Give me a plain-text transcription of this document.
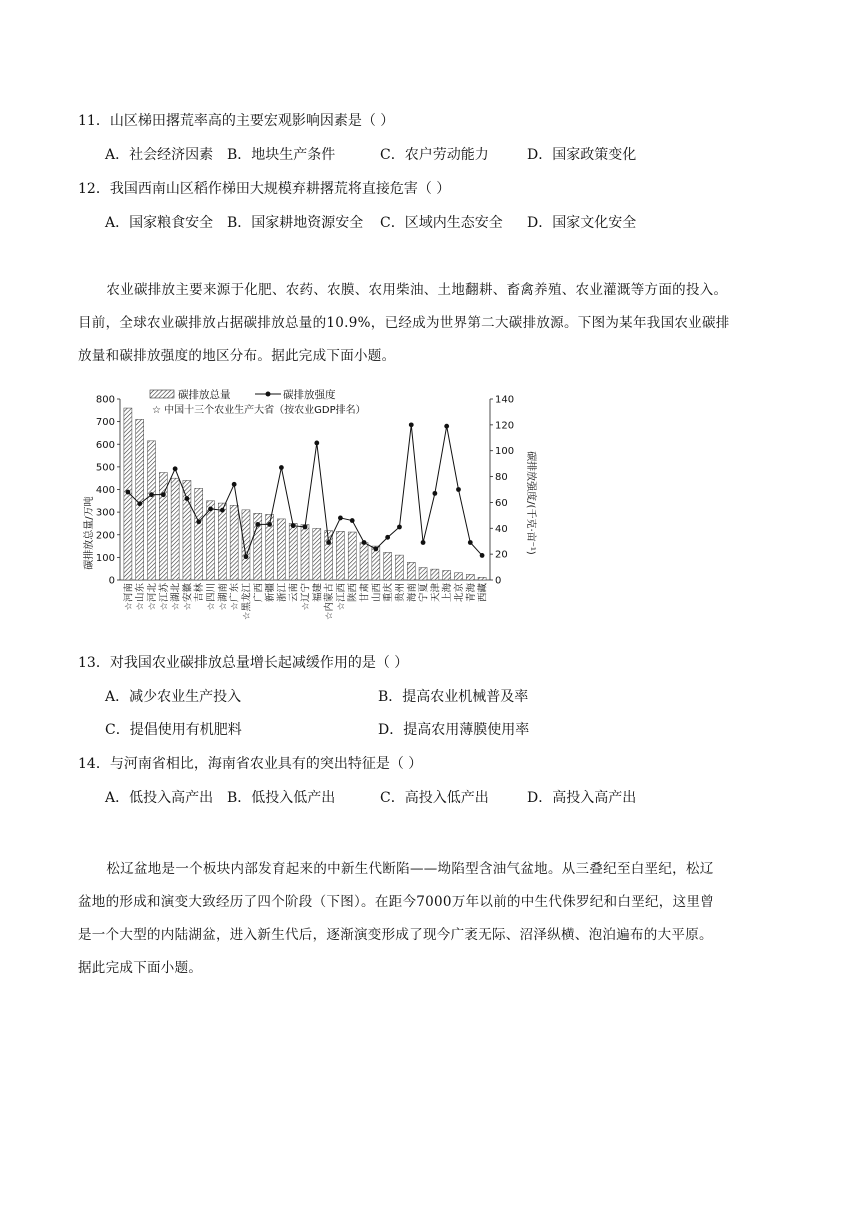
11．山区梯田撂荒率高的主要宏观影响因素是（ ）
A．社会经济因素 B．地块生产条件	C．农户劳动能力	D．国家政策变化
12．我国西南山区稻作梯田大规模弃耕撂荒将直接危害（ ）
A．国家粮食安全 B．国家耕地资源安全 C．区域内生态安全 D．国家文化安全

农业碳排放主要来源于化肥、农药、农膜、农用柴油、土地翻耕、畜禽养殖、农业灌溉等方面的投入。

目前，全球农业碳排放占据碳排放总量的10.9%，已经成为世界第二大碳排放源。下图为某年我国农业碳排

放量和碳排放强度的地区分布。据此完成下面小题。

0
100
200
300
400
500
600
700
800
0
20
40
60
80
100
120
140
☆河南 ☆山东 ☆河北 ☆江苏 ☆湖北 ☆安徽 吉林 ☆四川 ☆湖南 ☆广东 ☆黑龙江 广西 新疆 浙江 云南 ☆辽宁 福建 ☆内蒙古 ☆江西 陕西 甘肃 山西 重庆 贵州 海南 宁夏 天津 上海 北京 青海 西藏
碳排放总量	碳排放强度
☆ 中国十三个农业生产大省（按农业GDP排名）
碳排放总量/万吨	碳排放强度/(千克·亩⁻¹)
13．对我国农业碳排放总量增长起减缓作用的是（ ）
A．减少农业生产投入	B．提高农业机械普及率
C．提倡使用有机肥料	D．提高农用薄膜使用率
14．与河南省相比，海南省农业具有的突出特征是（ ）
A．低投入高产出 B．低投入低产出	C．高投入低产出	D．高投入高产出

松辽盆地是一个板块内部发育起来的中新生代断陷——坳陷型含油气盆地。从三叠纪至白垩纪，松辽

盆地的形成和演变大致经历了四个阶段（下图）。在距今7000万年以前的中生代侏罗纪和白垩纪，这里曾

是一个大型的内陆湖盆，进入新生代后，逐渐演变形成了现今广袤无际、沼泽纵横、泡泊遍布的大平原。

据此完成下面小题。
